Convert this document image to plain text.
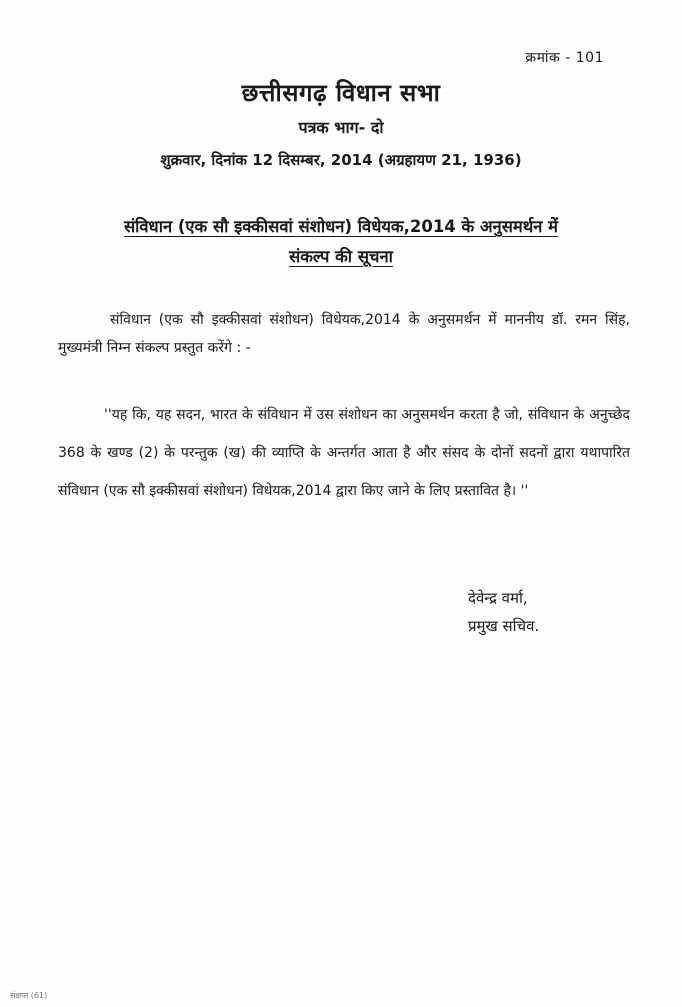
क्रमांक - 101
छत्तीसगढ़ विधान सभा
पत्रक भाग- दो
शुक्रवार, दिनांक 12 दिसम्बर, 2014 (अग्रहायण 21, 1936)
संविधान (एक सौ इक्कीसवां संशोधन) विधेयक,2014 के अनुसमर्थन में
संकल्प की सूचना

संविधान (एक सौ इक्कीसवां संशोधन) विधेयक,2014 के अनुसमर्थन में माननीय डॉ. रमन सिंह, मुख्यमंत्री निम्न संकल्प प्रस्तुत करेंगे : -

''यह कि, यह सदन, भारत के संविधान में उस संशोधन का अनुसमर्थन करता है जो, संविधान के अनुच्छेद 368 के खण्ड (2) के परन्तुक (ख) की व्याप्ति के अन्तर्गत आता है और संसद के दोनों सदनों द्वारा यथापारित संविधान (एक सौ इक्कीसवां संशोधन) विधेयक,2014 द्वारा किए जाने के लिए प्रस्तावित है। ''

देवेन्द्र वर्मा,
प्रमुख सचिव.
संक्षप्त (61)
